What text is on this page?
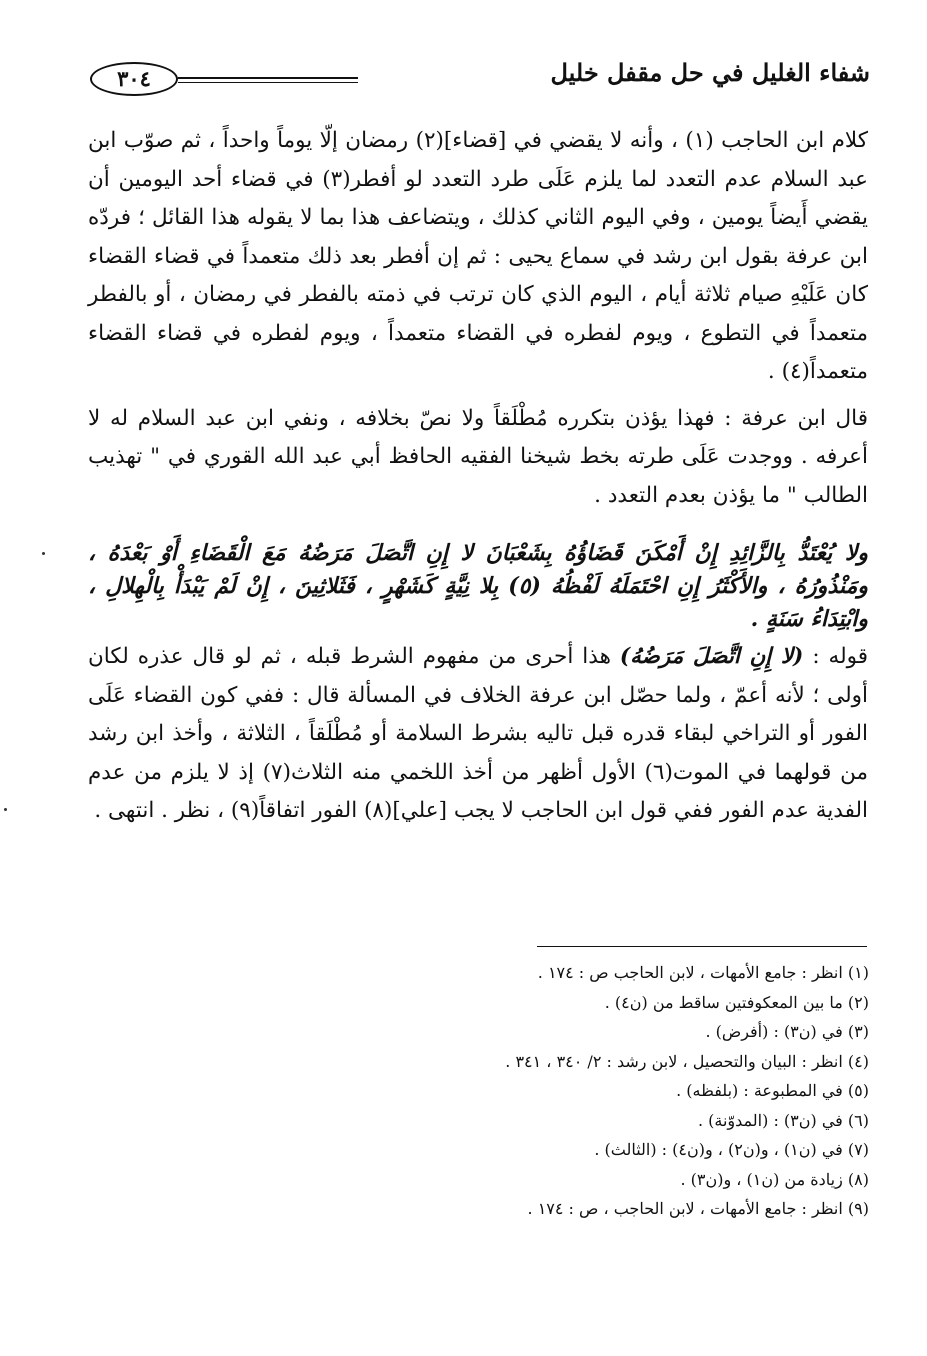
٣٠٤	شفاء الغليل في حل مقفل خليل

كلام ابن الحاجب (١) ، وأنه لا يقضي في [قضاء](٢) رمضان إلّا يوماً واحداً ، ثم صوّب ابن عبد السلام عدم التعدد لما يلزم عَلَى طرد التعدد لو أفطر(٣) في قضاء أحد اليومين أن يقضي أَيضاً يومين ، وفي اليوم الثاني كذلك ، ويتضاعف هذا بما لا يقوله هذا القائل ؛ فردّه ابن عرفة بقول ابن رشد في سماع يحيى : ثم إن أفطر بعد ذلك متعمداً في قضاء القضاء كان عَلَيْهِ صيام ثلاثة أيام ، اليوم الذي كان ترتب في ذمته بالفطر في رمضان ، أو بالفطر متعمداً في التطوع ، ويوم لفطره في القضاء متعمداً ، ويوم لفطره في قضاء القضاء متعمداً(٤) .

قال ابن عرفة : فهذا يؤذن بتكرره مُطْلَقاً ولا نصّ بخلافه ، ونفي ابن عبد السلام له لا أعرفه . ووجدت عَلَى طرته بخط شيخنا الفقيه الحافظ أبي عبد الله القوري في " تهذيب الطالب " ما يؤذن بعدم التعدد .

ولا يُعْتَدُّ بِالزَّائِدِ إِنْ أَمْكَنَ قَضَاؤُهُ بِشَعْبَانَ لا إِنِ اتَّصَلَ مَرَضُهُ مَعَ الْقَضَاءِ أَوْ بَعْدَهُ ، ومَنْذُورُهُ ، والأَكْثَرُ إِنِ احْتَمَلَهُ لَفْظُهُ (٥) بِلا نِيَّةٍ كَشَهْرٍ ، فَثَلاثِينَ ، إِنْ لَمْ يَبْدَأْ بِالْهِلالِ ، وابْتِدَاءُ سَنَةٍ .

قوله : (لا إِنِ اتَّصَلَ مَرَضُهُ) هذا أحرى من مفهوم الشرط قبله ، ثم لو قال عذره لكان أولى ؛ لأنه أعمّ ، ولما حصّل ابن عرفة الخلاف في المسألة قال : ففي كون القضاء عَلَى الفور أو التراخي لبقاء قدره قبل تاليه بشرط السلامة أو مُطْلَقاً ، الثلاثة ، وأخذ ابن رشد من قولهما في الموت(٦) الأول أظهر من أخذ اللخمي منه الثلاث(٧) إذ لا يلزم من عدم الفدية عدم الفور ففي قول ابن الحاجب لا يجب [علي](٨) الفور اتفاقاً(٩) ، نظر . انتهى .

(١) انظر : جامع الأمهات ، لابن الحاجب ص : ١٧٤ .
(٢) ما بين المعكوفتين ساقط من (ن٤) .
(٣) في (ن٣) : (أفرض) .
(٤) انظر : البيان والتحصيل ، لابن رشد : ٢/ ٣٤٠ ، ٣٤١ .
(٥) في المطبوعة : (بلفظه) .
(٦) في (ن٣) : (المدوّنة) .
(٧) في (ن١) ، و(ن٢) ، و(ن٤) : (الثالث) .
(٨) زيادة من (ن١) ، و(ن٣) .
(٩) انظر : جامع الأمهات ، لابن الحاجب ، ص : ١٧٤ .
